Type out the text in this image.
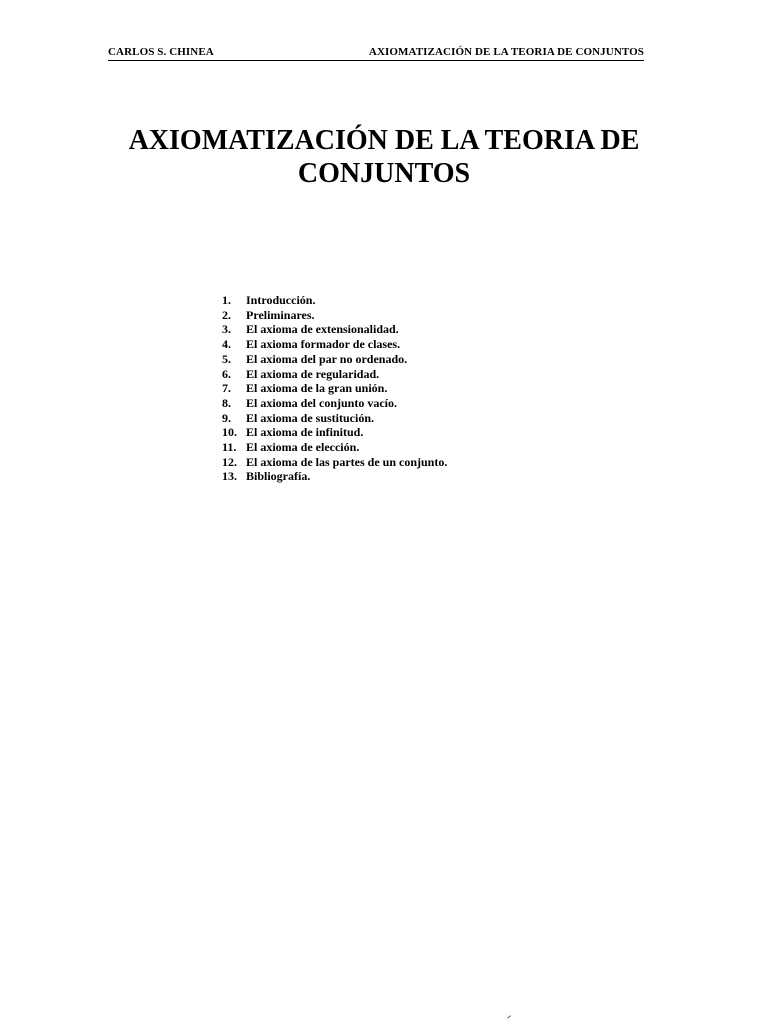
CARLOS S. CHINEA	AXIOMATIZACIÓN DE LA TEORIA DE CONJUNTOS
AXIOMATIZACIÓN DE LA TEORIA DE
CONJUNTOS
1.	Introducción.
2.	Preliminares.
3.	El axioma de extensionalidad.
4.	El axioma formador de clases.
5.	El axioma del par no ordenado.
6.	El axioma de regularidad.
7.	El axioma de la gran unión.
8.	El axioma del conjunto vacío.
9.	El axioma de sustitución.
10. El axioma de infinitud.
11. El axioma de elección.
12. El axioma de las partes de un conjunto.
13. Bibliografía.
